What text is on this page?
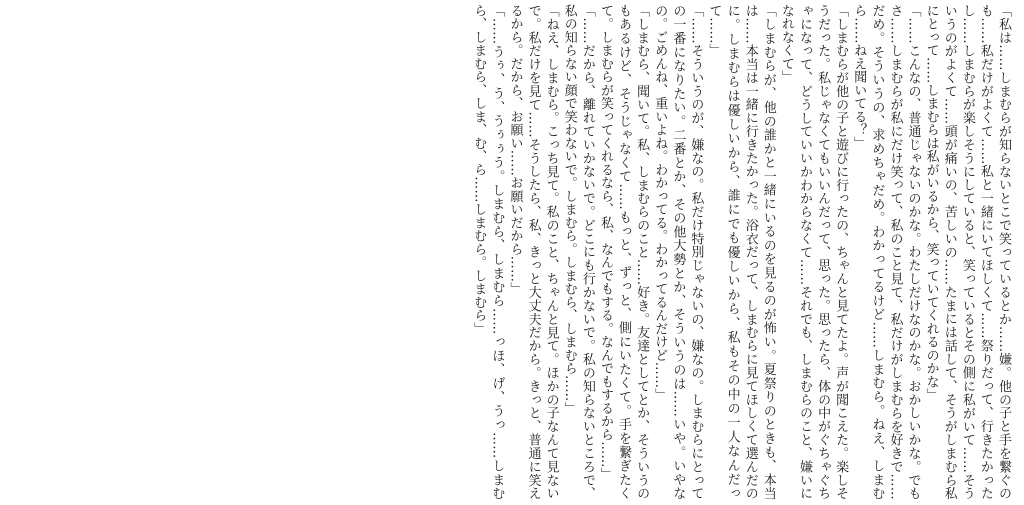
「私は……しまむらが知らないとこで笑っているとか……嫌。他の子と手を繋ぐのも……私だけがよくて……私と一緒にいてほしくて……祭りだって、行きたかったし……しまむらが楽しそうにしていると、笑っているとその側に私がいて……そういうのがよくて……頭が痛いの、苦しいの……たまには話して、そうがしまむら私にとって……しまむらは私がいるから、笑っていてくれるのかな」

「……こんなの、普通じゃないのかな。わたしだけなのかな。おかしいかな。でもさ……しまむらが私にだけ笑って、私のこと見て、私だけがしまむらを好きで……だめ。そういうの、求めちゃだめ。わかってるけど……しまむら。ねえ、しまむら……ねえ聞いてる？」

「しまむらが他の子と遊びに行ったの、ちゃんと見てたよ。声が聞こえた。楽しそうだった。私じゃなくてもいいんだって、思った。思ったら、体の中がぐちゃぐちゃになって、どうしていいかわからなくて……それでも、しまむらのこと、嫌いになれなくて」

「しまむらが、他の誰かと一緒にいるのを見るのが怖い。夏祭りのときも、本当は……本当は一緒に行きたかった。浴衣だって、しまむらに見てほしくて選んだのに。しまむらは優しいから、誰にでも優しいから、私もその中の一人なんだって……」

「……そういうのが、嫌なの。私だけ特別じゃないの、嫌なの。しまむらにとっての一番になりたい。二番とか、その他大勢とか、そういうのは……いや。いやなの。ごめんね、重いよね。わかってる。わかってるんだけど……」

「しまむら、聞いて。私、しまむらのこと……好き。友達としてとか、そういうのもあるけど、そうじゃなくて……もっと、ずっと、側にいたくて。手を繋ぎたくて。しまむらが笑ってくれるなら、私、なんでもする。なんでもするから……」

「……だから、離れていかないで。どこにも行かないで。私の知らないところで、私の知らない顔で笑わないで。しまむら。しまむら、しまむら……」

「ねえ、しまむら。こっち見て。私のこと、ちゃんと見て。ほかの子なんて見ないで。私だけを見て……そうしたら、私、きっと大丈夫だから。きっと、普通に笑えるから。だから、お願い……お願いだから……」

「……うぅ、う、うぅぅう。しまむら、しまむら……っほ、げ、うっ……しまむら、しまむら、しま、む、ら……しまむら。しまむら」
